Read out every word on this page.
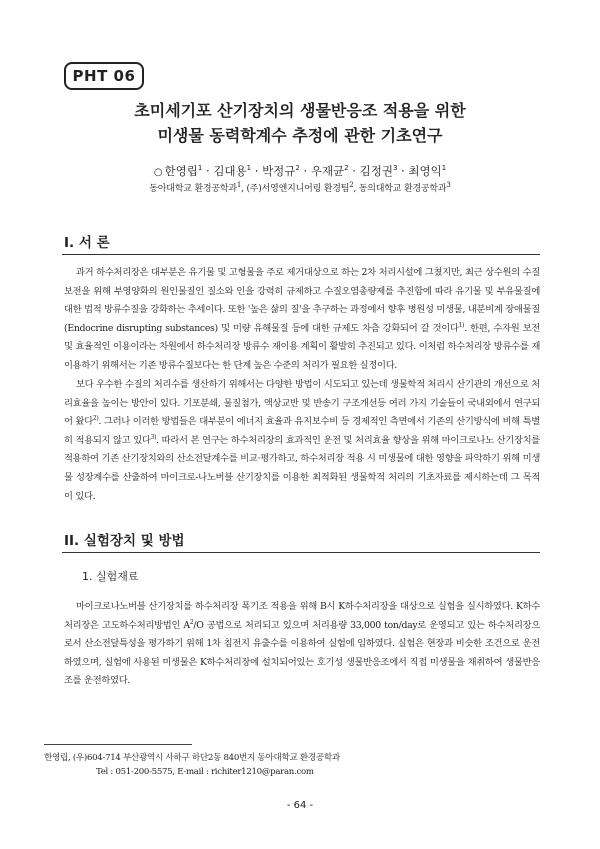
PHT 06
초미세기포 산기장치의 생물반응조 적용을 위한
미생물 동력학계수 추정에 관한 기초연구
○ 한영립$^1$ · 김대용$^1$ · 박정규$^2$ · 우재균$^2$ · 김정권$^3$ · 최영익$^1$
동아대학교 환경공학과$^1$, (주)서영엔지니어링 환경팀$^2$, 동의대학교 환경공학과$^3$
I. 서 론

과거 하수처리장은 대부분은 유기물 및 고형물을 주로 제거대상으로 하는 2차 처리시설에 그쳤지만, 최근 상수원의 수질보전을 위해 부영양화의 원인물질인 질소와 인을 강력히 규제하고 수질오염총량제를 추진함에 따라 유기물 및 부유물질에 대한 법적 방류수질을 강화하는 추세이다. 또한 '높은 삶의 질'을 추구하는 과정에서 향후 병원성 미생물, 내분비계 장애물질(Endocrine disrupting substances) 및 미량 유해물질 등에 대한 규제도 차츰 강화되어 갈 것이다$^{1)}$. 한편, 수자원 보전 및 효율적인 이용이라는 차원에서 하수처리장 방류수 재이용 계획이 활발히 추진되고 있다. 이처럼 하수처리장 방류수를 재이용하기 위해서는 기존 방류수질보다는 한 단계 높은 수준의 처리가 필요한 실정이다.

보다 우수한 수질의 처리수를 생산하기 위해서는 다양한 방법이 시도되고 있는데 생물학적 처리시 산기관의 개선으로 처리효율을 높이는 방안이 있다. 기포분쇄, 물질첨가, 액상교반 및 반송기 구조개선등 여러 가지 기술들이 국내외에서 연구되어 왔다$^{2)}$. 그러나 이러한 방법들은 대부분이 에너지 효율과 유지보수비 등 경제적인 측면에서 기존의 산기방식에 비해 특별히 적용되지 않고 있다$^{3)}$. 따라서 본 연구는 하수처리장의 효과적인 운전 및 처리효율 향상을 위해 마이크로나노 산기장치를 적용하여 기존 산기장치와의 산소전달계수를 비교·평가하고, 하수처리장 적용 시 미생물에 대한 영향을 파악하기 위해 미생물 성장계수를 산출하여 마이크로-나노버블 산기장치를 이용한 최적화된 생물학적 처리의 기초자료를 제시하는데 그 목적이 있다.

II. 실험장치 및 방법
1. 실험재료

마이크로나노버블 산기장치를 하수처리장 폭기조 적용을 위해 B시 K하수처리장을 대상으로 실험을 실시하였다. K하수처리장은 고도하수처리방법인 $A^2/O$ 공법으로 처리되고 있으며 처리용량 33,000 ton/day로 운영되고 있는 하수처리장으로서 산소전달특성을 평가하기 위해 1차 침전지 유출수를 이용하여 실험에 임하였다. 실험은 현장과 비슷한 조건으로 운전하였으며, 실험에 사용된 미생물은 K하수처리장에 설치되어있는 호기성 생물반응조에서 직접 미생물을 채취하여 생물반응조를 운전하였다.

한영립, (우)604-714 부산광역시 사하구 하단2동 840번지 동아대학교 환경공학과
Tel : 051-200-5575, E-mail : richiter1210@paran.com
- 64 -
